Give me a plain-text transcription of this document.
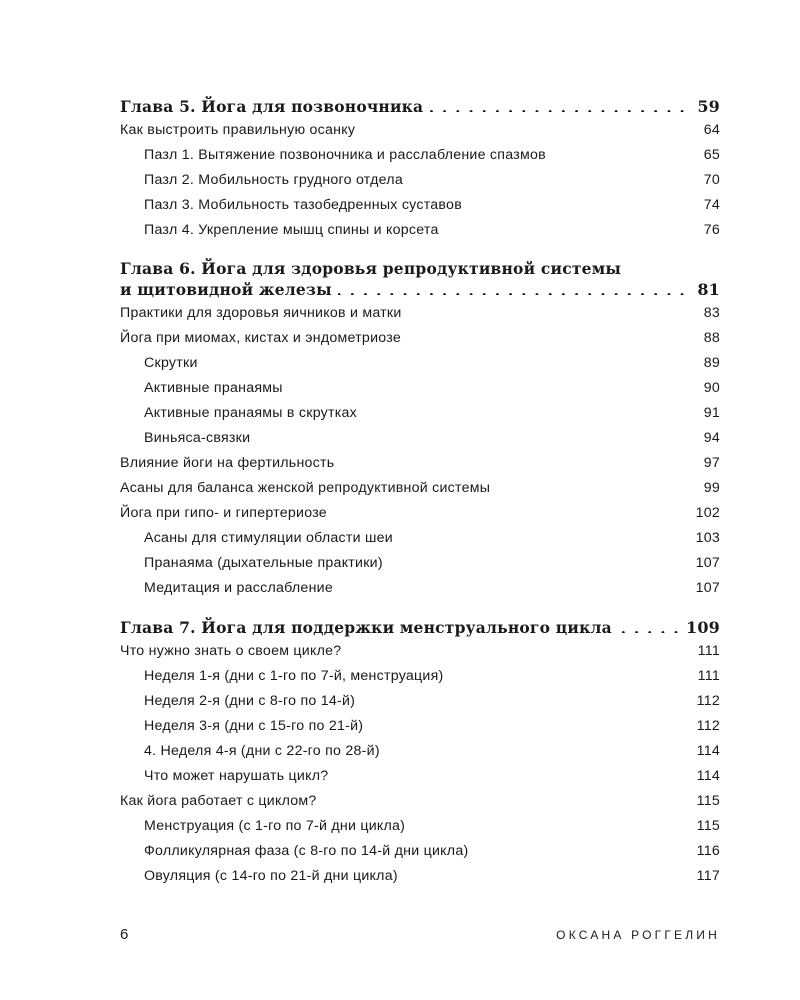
Глава 5. Йога для позвоночника . . .	59
Как выстроить правильную осанку . . .	64
Пазл 1. Вытяжение позвоночника и расслабление спазмов . . .	65
Пазл 2. Мобильность грудного отдела . . .	70
Пазл 3. Мобильность тазобедренных суставов . . .	74
Пазл 4. Укрепление мышц спины и корсета . . .	76
Глава 6. Йога для здоровья репродуктивной системы
и щитовидной железы . . .	81
Практики для здоровья яичников и матки . . .	83
Йога при миомах, кистах и эндометриозе . . .	88
Скрутки . . .	89
Активные пранаямы . . .	90
Активные пранаямы в скрутках . . .	91
Виньяса-связки . . .	94
Влияние йоги на фертильность . . .	97
Асаны для баланса женской репродуктивной системы . . .	99
Йога при гипо- и гипертериозе . . .	102
Асаны для стимуляции области шеи . . .	103
Пранаяма (дыхательные практики) . . .	107
Медитация и расслабление . . .	107
Глава 7. Йога для поддержки менструального цикла . . .	109
Что нужно знать о своем цикле? . . .	111
Неделя 1-я (дни с 1-го по 7-й, менструация) . . .	111
Неделя 2-я (дни с 8-го по 14-й) . . .	112
Неделя 3-я (дни с 15-го по 21-й) . . .	112
4. Неделя 4-я (дни с 22-го по 28-й) . . .	114
Что может нарушать цикл? . . .	114
Как йога работает с циклом? . . .	115
Менструация (с 1-го по 7-й дни цикла) . . .	115
Фолликулярная фаза (с 8-го по 14-й дни цикла) . . .	116
Овуляция (с 14-го по 21-й дни цикла) . . .	117
6	ОКСАНА РОГГЕЛИН
